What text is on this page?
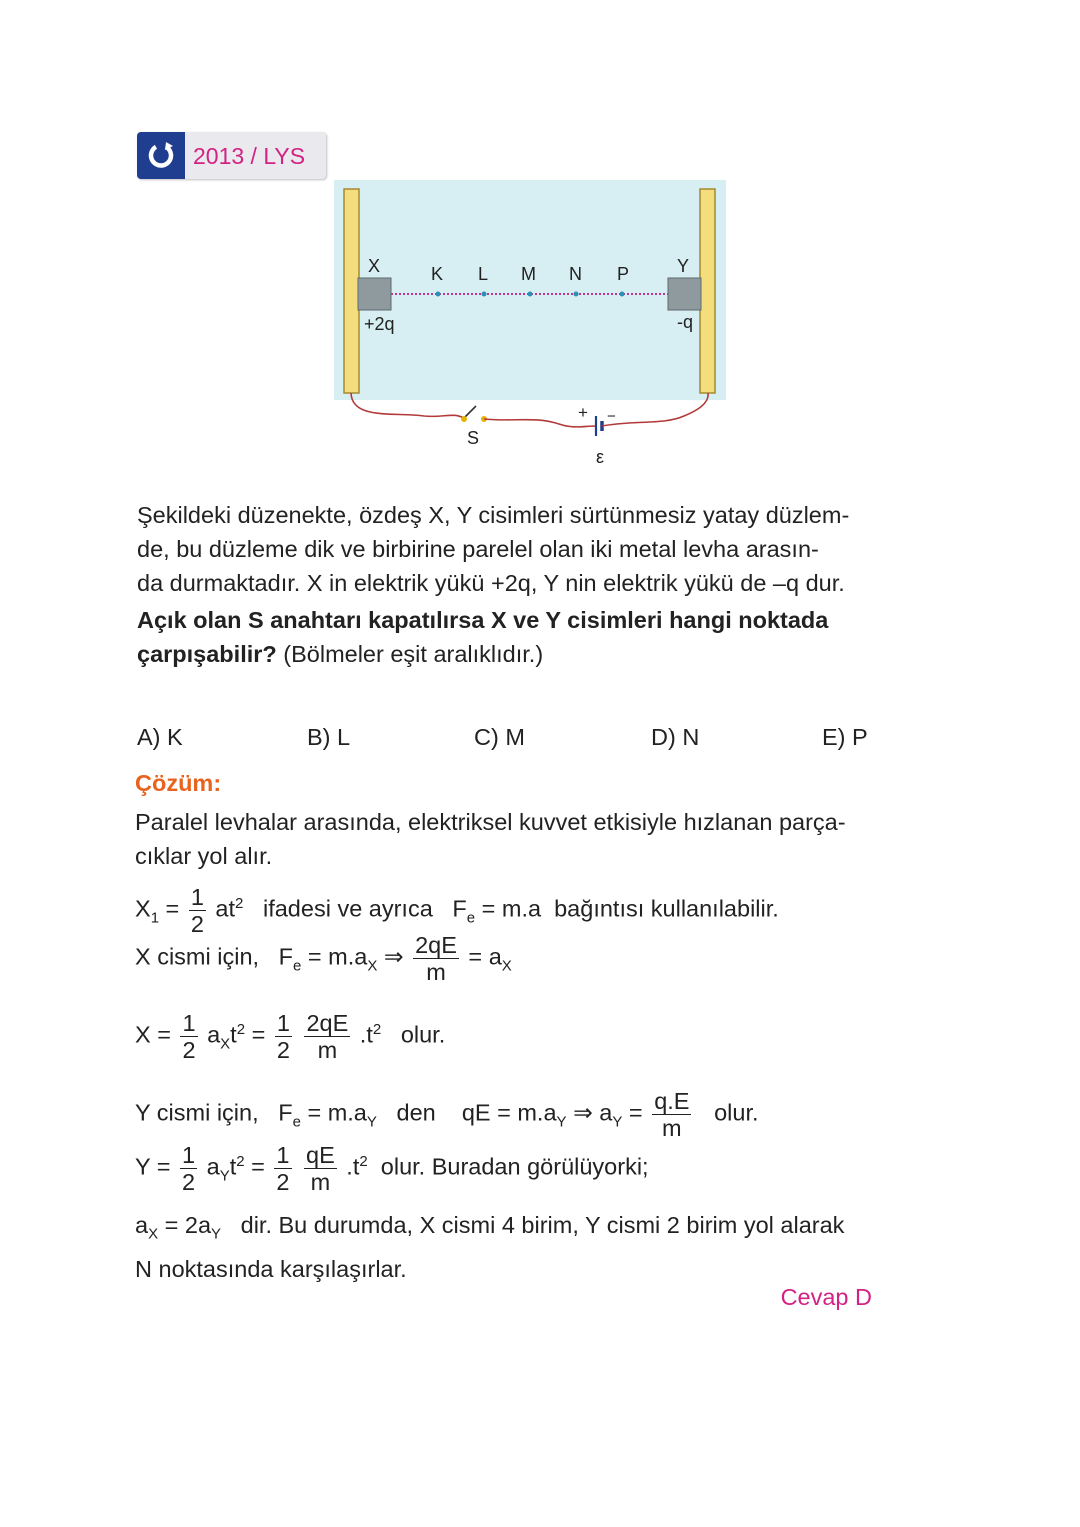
2013 / LYS
X	K L M N P	Y
+2q	-q
+ −
S
ε
Şekildeki düzenekte, özdeş X, Y cisimleri sürtünmesiz yatay düzlem-
de, bu düzleme dik ve birbirine parelel olan iki metal levha arasın-
da durmaktadır. X in elektrik yükü +2q, Y nin elektrik yükü de –q dur.
Açık olan S anahtarı kapatılırsa X ve Y cisimleri hangi noktada
çarpışabilir? (Bölmeler eşit aralıklıdır.)
A) K	B) L	C) M	D) N	E) P
Çözüm:
Paralel levhalar arasında, elektriksel kuvvet etkisiyle hızlanan parça-
cıklar yol alır.
$X_1 = \frac{1}{2} at^2$ ifadesi ve ayrıca   $F_e = m.a$  bağıntısı kullanılabilir.
X cismi için,   $F_e = m.a_X$ ⇒ $\frac{2qE}{m} = a_X$
$X = \frac{1}{2} a_Xt^2 = \frac{1}{2}$
$\frac{2qE}{m} .t^2$ olur.
Y cismi için,   $F_e = m.a_Y$ den    qE = $m.a_Y$ ⇒ $a_Y = \frac{q.E}{m}$ olur.
$Y = \frac{1}{2} a_Yt^2 = \frac{1}{2}$
$\frac{qE}{m} .t^2$ olur. Buradan görülüyorki;
$a_X = 2a_Y$ dir. Bu durumda, X cismi 4 birim, Y cismi 2 birim yol alarak
N noktasında karşılaşırlar.
Cevap D
